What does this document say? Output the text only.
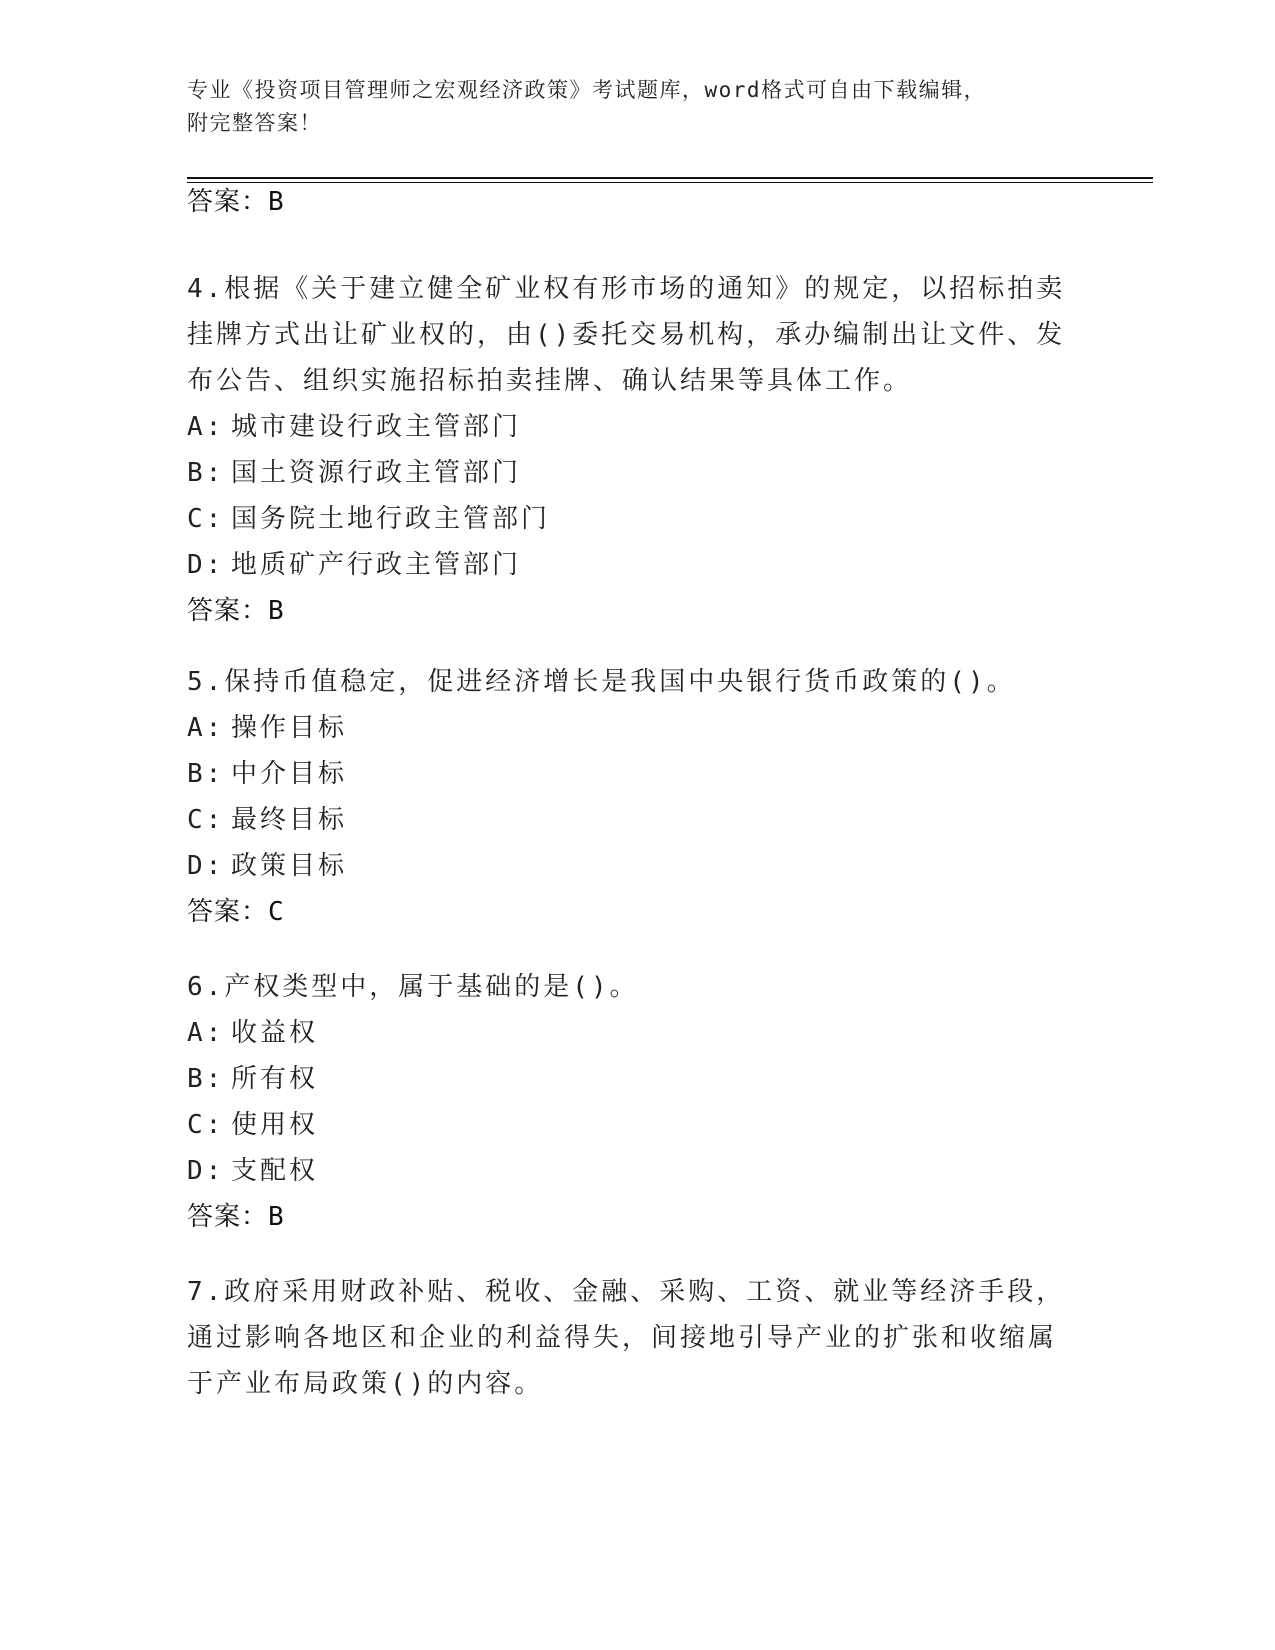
专业《投资项目管理师之宏观经济政策》考试题库，word格式可自由下载编辑，
附完整答案！

答案：B

4.根据《关于建立健全矿业权有形市场的通知》的规定，以招标拍卖

挂牌方式出让矿业权的，由()委托交易机构，承办编制出让文件、发

布公告、组织实施招标拍卖挂牌、确认结果等具体工作。

A: 城市建设行政主管部门

B: 国土资源行政主管部门

C: 国务院土地行政主管部门

D: 地质矿产行政主管部门

答案：B

5.保持币值稳定，促进经济增长是我国中央银行货币政策的()。

A: 操作目标

B: 中介目标

C: 最终目标

D: 政策目标

答案：C

6.产权类型中，属于基础的是()。

A: 收益权

B: 所有权

C: 使用权

D: 支配权

答案：B

7.政府采用财政补贴、税收、金融、采购、工资、就业等经济手段，

通过影响各地区和企业的利益得失，间接地引导产业的扩张和收缩属

于产业布局政策()的内容。
